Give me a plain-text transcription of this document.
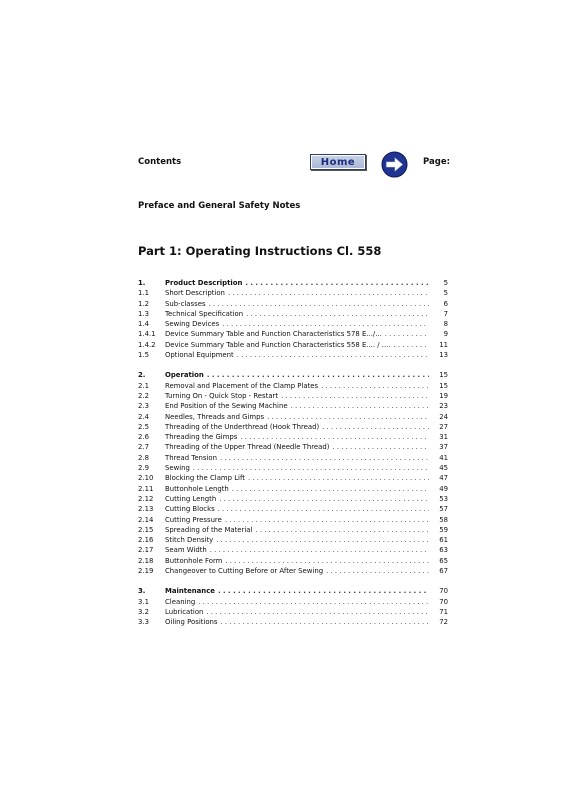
Contents	Home	Page:
Preface and General Safety Notes
Part 1: Operating Instructions Cl. 558
1.	Product Description . . .	5
1.1	Short Description . . .	5
1.2	Sub-classes . . .	6
1.3	Technical Specification . . .	7
1.4	Sewing Devices . . .	8
1.4.1	Device Summary Table and Function Characteristics 578 E.../... . . .	9
1.4.2	Device Summary Table and Function Characteristics 558 E.... / .... . . .	11
1.5	Optional Equipment . . .	13
2.	Operation . . .	15
2.1	Removal and Placement of the Clamp Plates . . .	15
2.2	Turning On - Quick Stop - Restart . . .	19
2.3	End Position of the Sewing Machine . . .	23
2.4	Needles, Threads and Gimps . . .	24
2.5	Threading of the Underthread (Hook Thread) . . .	27
2.6	Threading the Gimps . . .	31
2.7	Threading of the Upper Thread (Needle Thread) . . .	37
2.8	Thread Tension . . .	41
2.9	Sewing . . .	45
2.10	Blocking the Clamp Lift . . .	47
2.11	Buttonhole Length . . .	49
2.12	Cutting Length . . .	53
2.13	Cutting Blocks . . .	57
2.14	Cutting Pressure . . .	58
2.15	Spreading of the Material . . .	59
2.16	Stitch Density . . .	61
2.17	Seam Width . . .	63
2.18	Buttonhole Form . . .	65
2.19	Changeover to Cutting Before or After Sewing . . .	67
3.	Maintenance . . .	70
3.1	Cleaning . . .	70
3.2	Lubrication . . .	71
3.3	Oiling Positions . . .	72
